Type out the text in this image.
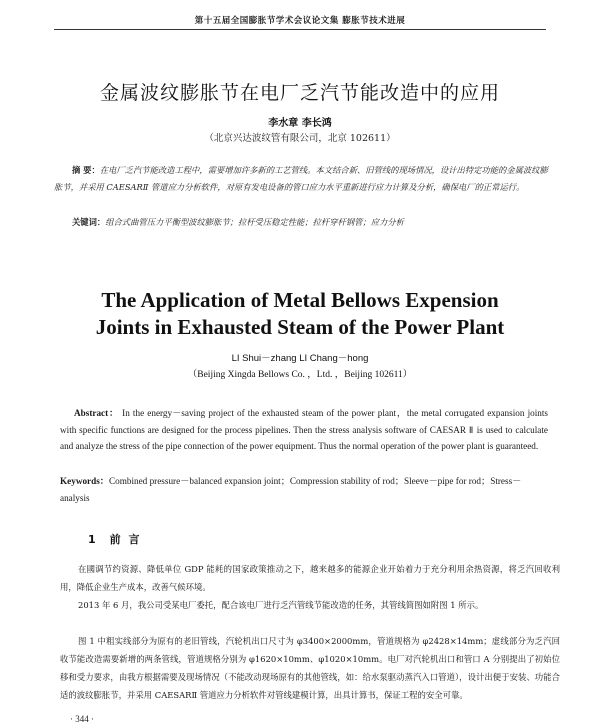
第十五届全国膨胀节学术会议论文集 膨胀节技术进展
金属波纹膨胀节在电厂乏汽节能改造中的应用
李水章 李长鸿
（北京兴达波纹管有限公司，北京 102611）
摘 要：在电厂乏汽节能改造工程中，需要增加许多新的工艺管线。本文结合新、旧管线的现场情况，设计出特定功能的金属波纹膨胀节，并采用 CAESARⅡ 管道应力分析软件，对原有发电设备的管口应力水平重新进行应力计算及分析，确保电厂的正常运行。
关键词：组合式曲管压力平衡型波纹膨胀节；拉杆受压稳定性能；拉杆穿杆钢管；应力分析
The Application of Metal Bellows Expension
Joints in Exhausted Steam of the Power Plant
LI Shui－zhang LI Chang－hong
（Beijing Xingda Bellows Co. ，Ltd. ，Beijing 102611）
Abstract： In the energy－saving project of the exhausted steam of the power plant，the metal corrugated expansion joints with specific functions are designed for the process pipelines. Then the stress analysis software of CAESAR Ⅱ is used to calculate and analyze the stress of the pipe connection of the power equipment. Thus the normal operation of the power plant is guaranteed.
Keywords：Combined pressure－balanced expansion joint；Compression stability of rod；Sleeve－pipe for rod；Stress－analysis
1 前 言
在國调节约资源、降低单位 GDP 能耗的国家政策推动之下，越来越多的能源企业开始着力于充分利用余热资源，将乏汽回收利用，降低企业生产成本，改善气候环境。
2013 年 6 月，我公司受某电厂委托，配合该电厂进行乏汽管线节能改造的任务，其管线简图如附图 1 所示。
图 1 中粗实线部分为原有的老旧管线，汽轮机出口尺寸为 φ3400×2000mm，管道规格为 φ2428×14mm；虚线部分为乏汽回收节能改造需要新增的两条管线，管道规格分别为 φ1620×10mm、φ1020×10mm。电厂对汽轮机出口和管口 A 分别提出了初始位移和受力要求，由我方根据需要及现场情况（不能改动现场原有的其他管线，如：给水泵驱动蒸汽入口管道），设计出便于安装、功能合适的波纹膨胀节，并采用 CAESARⅡ 管道应力分析软件对管线建模计算，出具计算书，保证工程的安全可靠。
· 344 ·
